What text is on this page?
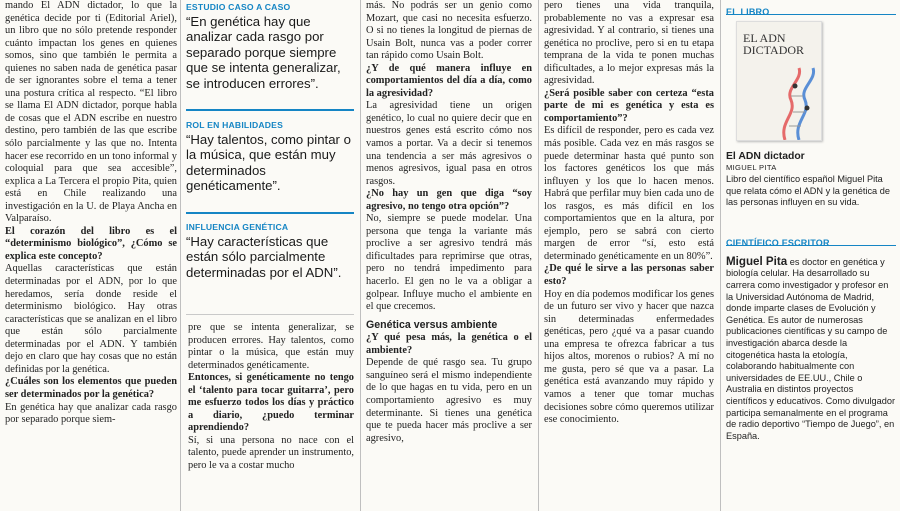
mando El ADN dictador, lo que la genética decide por ti (Editorial Ariel), un libro que no sólo pretende responder cuánto impactan los genes en quienes somos, sino que también le permita a quienes no saben nada de genética pasar de ser ignorantes sobre el tema a tener una postura crítica al respecto. “El libro se llama El ADN dictador, porque habla de cosas que el ADN escribe en nuestro destino, pero también de las que escribe sólo parcialmente y las que no. Intenta hacer ese recorrido en un tono informal y coloquial para que sea accesible”, explica a La Tercera el propio Pita, quien está en Chile realizando una investigación en la U. de Playa Ancha en Valparaíso.

El corazón del libro es el “determinismo biológico”, ¿Cómo se explica este concepto?

Aquellas características que están determinadas por el ADN, por lo que heredamos, sería donde reside el determinismo biológico. Hay otras características que se analizan en el libro que están sólo parcialmente determinadas por el ADN. Y también dejo en claro que hay cosas que no están definidas por la genética.

¿Cuáles son los elementos que pueden ser determinados por la genética?

En genética hay que analizar cada rasgo por separado porque siem-

ESTUDIO CASO A CASO
“En genética hay que analizar cada rasgo por separado porque siempre que se intenta generalizar, se introducen errores”.
ROL EN HABILIDADES
“Hay talentos, como pintar o la música, que están muy determinados genéticamente”.
INFLUENCIA GENÉTICA
“Hay características que están sólo parcialmente determinadas por el ADN”.

pre que se intenta generalizar, se producen errores. Hay talentos, como pintar o la música, que están muy determinados genéticamente.

Entonces, si genéticamente no tengo el ‘talento para tocar guitarra’, pero me esfuerzo todos los días y práctico a diario, ¿puedo terminar aprendiendo?

Sí, si una persona no nace con el talento, puede aprender un instrumento, pero le va a costar mucho

más. No podrás ser un genio como Mozart, que casi no necesita esfuerzo. O si no tienes la longitud de piernas de Usain Bolt, nunca vas a poder correr tan rápido como Usain Bolt.

¿Y de qué manera influye en comportamientos del día a día, como la agresividad?

La agresividad tiene un origen genético, lo cual no quiere decir que en nuestros genes está escrito cómo nos vamos a portar. Va a decir si tenemos una tendencia a ser más agresivos o menos agresivos, igual pasa en otros rasgos.

¿No hay un gen que diga “soy agresivo, no tengo otra opción”?

No, siempre se puede modelar. Una persona que tenga la variante más proclive a ser agresivo tendrá más dificultades para reprimirse que otras, pero no tendrá impedimento para hacerlo. El gen no le va a obligar a golpear. Influye mucho el ambiente en el que crecemos.

Genética versus ambiente

¿Y qué pesa más, la genética o el ambiente?

Depende de qué rasgo sea. Tu grupo sanguíneo será el mismo independiente de lo que hagas en tu vida, pero en un comportamiento agresivo es muy determinante. Si tienes una genética que te pueda hacer más proclive a ser agresivo,

pero tienes una vida tranquila, probablemente no vas a expresar esa agresividad. Y al contrario, si tienes una genética no proclive, pero si en tu etapa temprana de la vida te ponen muchas dificultades, a lo mejor expresas más la agresividad.

¿Será posible saber con certeza “esta parte de mi es genética y esta es comportamiento”?

Es difícil de responder, pero es cada vez más posible. Cada vez en más rasgos se puede determinar hasta qué punto son los factores genéticos los que más influyen y los que lo hacen menos. Habrá que perfilar muy bien cada uno de los rasgos, es más difícil en los comportamientos que en la altura, por ejemplo, pero se sabrá con cierto margen de error “sí, esto está determinado genéticamente en un 80%”.

¿De qué le sirve a las personas saber esto?

Hoy en día podemos modificar los genes de un futuro ser vivo y hacer que nazca sin determinadas enfermedades genéticas, pero ¿qué va a pasar cuando una empresa te ofrezca fabricar a tus hijos altos, morenos o rubios? A mí no me gusta, pero sé que va a pasar. La genética está avanzando muy rápido y vamos a tener que tomar muchas decisiones sobre cómo queremos utilizar ese conocimiento.

EL LIBRO
EL ADN
DICTADOR
El ADN dictador
MIGUEL PITA
Libro del científico español Miguel Pita que relata cómo el ADN y la genética de las personas influyen en su vida.
CIENTÍFICO ESCRITOR
Miguel Pita es doctor en genética y biología celular. Ha desarrollado su carrera como investigador y profesor en la Universidad Autónoma de Madrid, donde imparte clases de Evolución y Genética. Es autor de numerosas publicaciones científicas y su campo de investigación abarca desde la citogenética hasta la etología, colaborando habitualmente con universidades de EE.UU., Chile o Australia en distintos proyectos científicos y educativos. Como divulgador participa semanalmente en el programa de radio deportivo “Tiempo de Juego”, en España.
